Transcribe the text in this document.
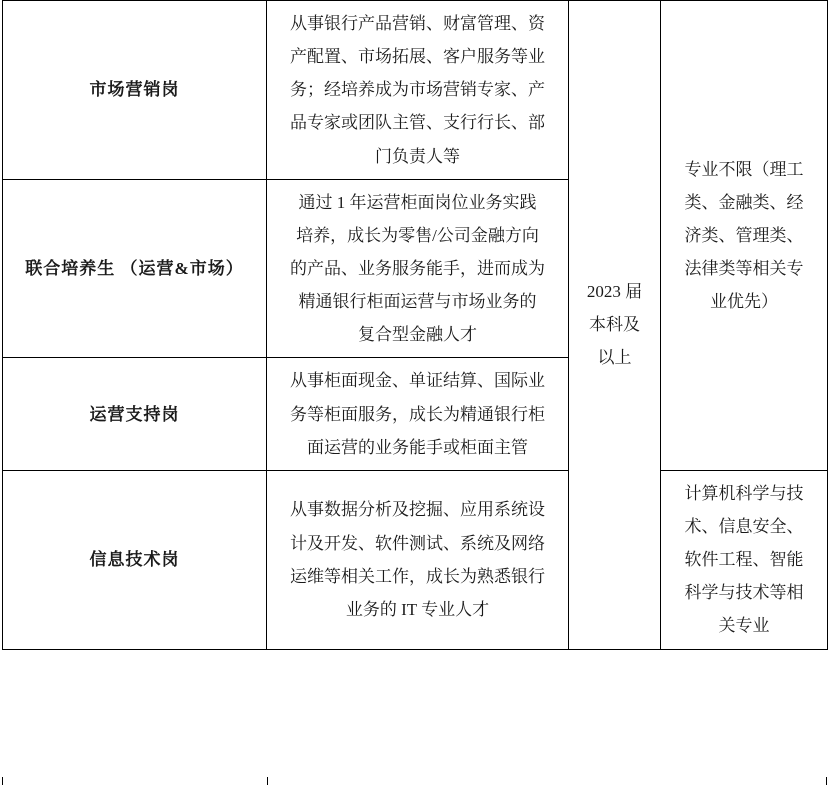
市场营销岗	从事银行产品营销、财富管理、资
产配置、市场拓展、客户服务等业
务；经培养成为市场营销专家、产
品专家或团队主管、支行行长、部
门负责人等	2023 届
本科及
以上	专业不限（理工
类、金融类、经
济类、管理类、
法律类等相关专
业优先）

联合培养生 （运营&市场）	通过 1 年运营柜面岗位业务实践
培养，成长为零售/公司金融方向
的产品、业务服务能手，进而成为
精通银行柜面运营与市场业务的
复合型金融人才		

运营支持岗	从事柜面现金、单证结算、国际业
务等柜面服务，成长为精通银行柜
面运营的业务能手或柜面主管		

信息技术岗	从事数据分析及挖掘、应用系统设
计及开发、软件测试、系统及网络
运维等相关工作，成长为熟悉银行
业务的 IT 专业人才		计算机科学与技
术、信息安全、
软件工程、智能
科学与技术等相
关专业
